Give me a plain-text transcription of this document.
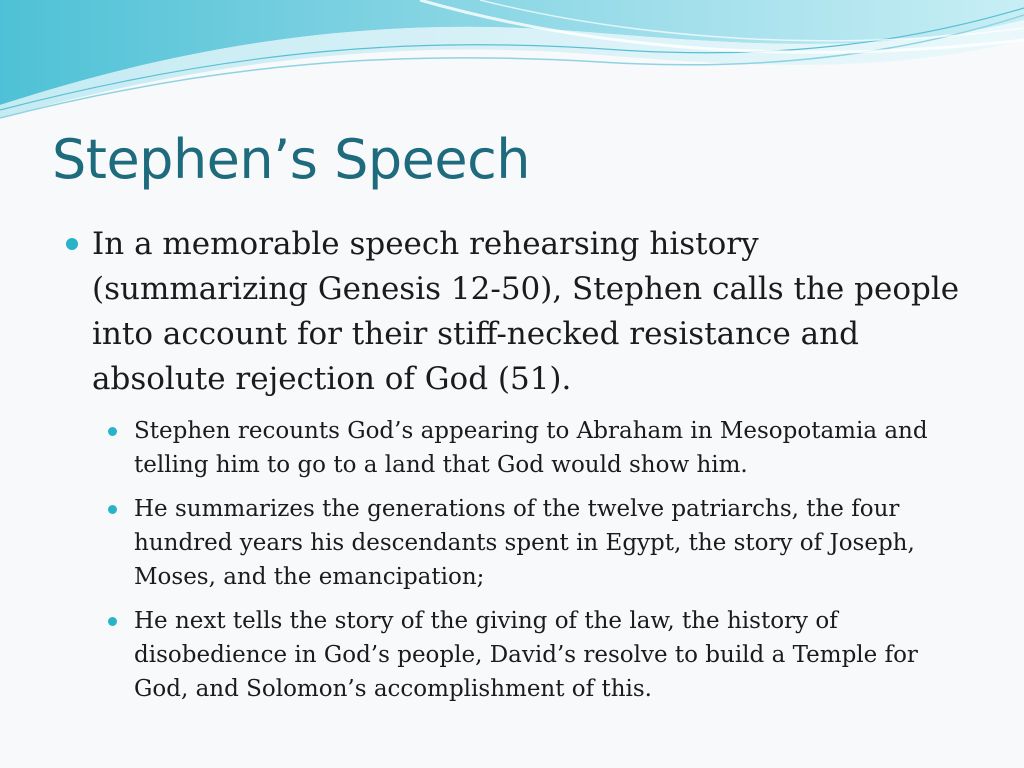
Stephen’s Speech
In a memorable speech rehearsing history (summarizing Genesis 12-50), Stephen calls the people into account for their stiff-necked resistance and absolute rejection of God (51).
Stephen recounts God’s appearing to Abraham in Mesopotamia and telling him to go to a land that God would show him.
He summarizes the generations of the twelve patriarchs, the four hundred years his descendants spent in Egypt, the story of Joseph, Moses, and the emancipation;
He next tells the story of the giving of the law, the history of disobedience in God’s people, David’s resolve to build a Temple for God, and Solomon’s accomplishment of this.
